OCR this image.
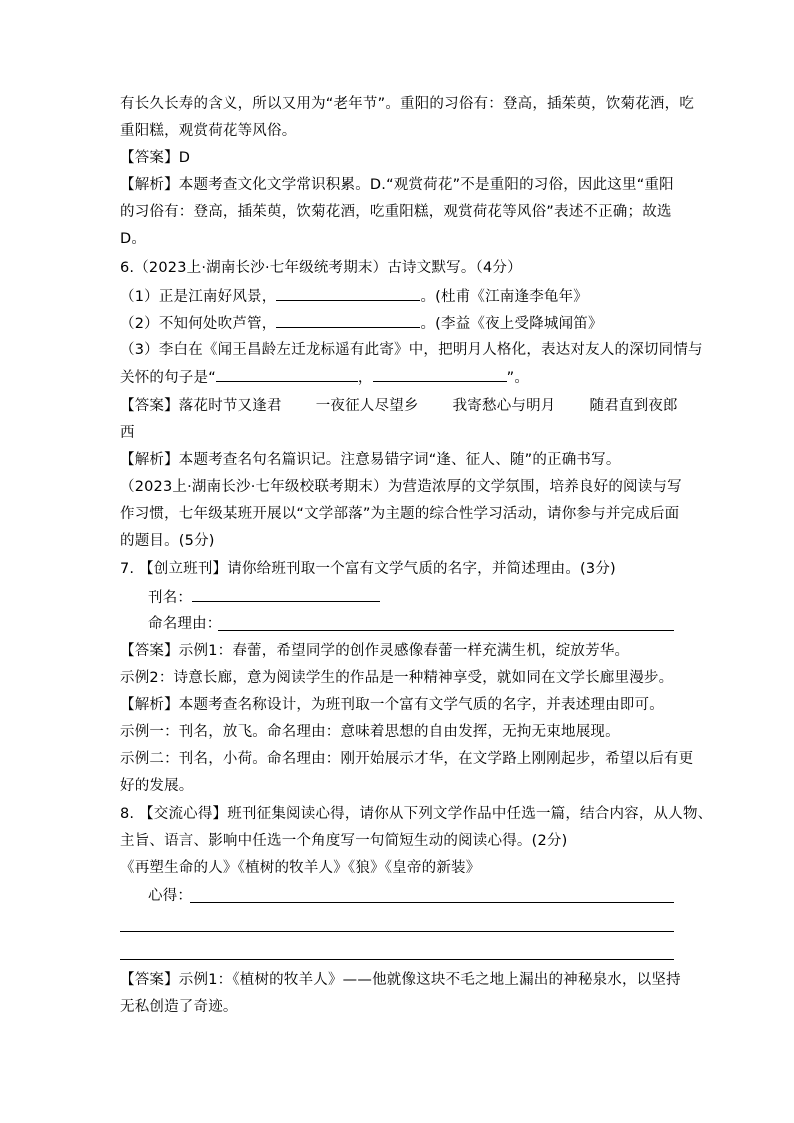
有长久长寿的含义，所以又用为“老年节”。重阳的习俗有：登高，插茱萸，饮菊花酒，吃
重阳糕，观赏荷花等风俗。
【答案】D
【解析】本题考查文化文学常识积累。D.“观赏荷花”不是重阳的习俗，因此这里“重阳
的习俗有：登高，插茱萸，饮菊花酒，吃重阳糕，观赏荷花等风俗”表述不正确；故选
D。
6.（2023上·湖南长沙·七年级统考期末）古诗文默写。（4分）
（1）正是江南好风景，	。(杜甫《江南逢李龟年》
（2）不知何处吹芦管，	。(李益《夜上受降城闻笛》
（3）李白在《闻王昌龄左迁龙标遥有此寄》中，把明月人格化，表达对友人的深切同情与
关怀的句子是“	，	”。
【答案】落花时节又逢君 一夜征人尽望乡 我寄愁心与明月 随君直到夜郎
西
【解析】本题考查名句名篇识记。注意易错字词“逢、征人、随”的正确书写。
（2023上·湖南长沙·七年级校联考期末）为营造浓厚的文学氛围，培养良好的阅读与写
作习惯，七年级某班开展以“文学部落”为主题的综合性学习活动，请你参与并完成后面
的题目。(5分)
7. 【创立班刊】请你给班刊取一个富有文学气质的名字，并简述理由。(3分)
刊名：
命名理由：
【答案】示例1：春蕾，希望同学的创作灵感像春蕾一样充满生机，绽放芳华。
示例2：诗意长廊，意为阅读学生的作品是一种精神享受，就如同在文学长廊里漫步。
【解析】本题考查名称设计，为班刊取一个富有文学气质的名字，并表述理由即可。
示例一：刊名，放飞。命名理由：意味着思想的自由发挥，无拘无束地展现。
示例二：刊名，小荷。命名理由：刚开始展示才华，在文学路上刚刚起步，希望以后有更
好的发展。
8. 【交流心得】班刊征集阅读心得，请你从下列文学作品中任选一篇，结合内容，从人物、
主旨、语言、影响中任选一个角度写一句简短生动的阅读心得。(2分)
《再塑生命的人》《植树的牧羊人》《狼》《皇帝的新装》
心得：
【答案】示例1：《植树的牧羊人》——他就像这块不毛之地上漏出的神秘泉水，以坚持
无私创造了奇迹。
